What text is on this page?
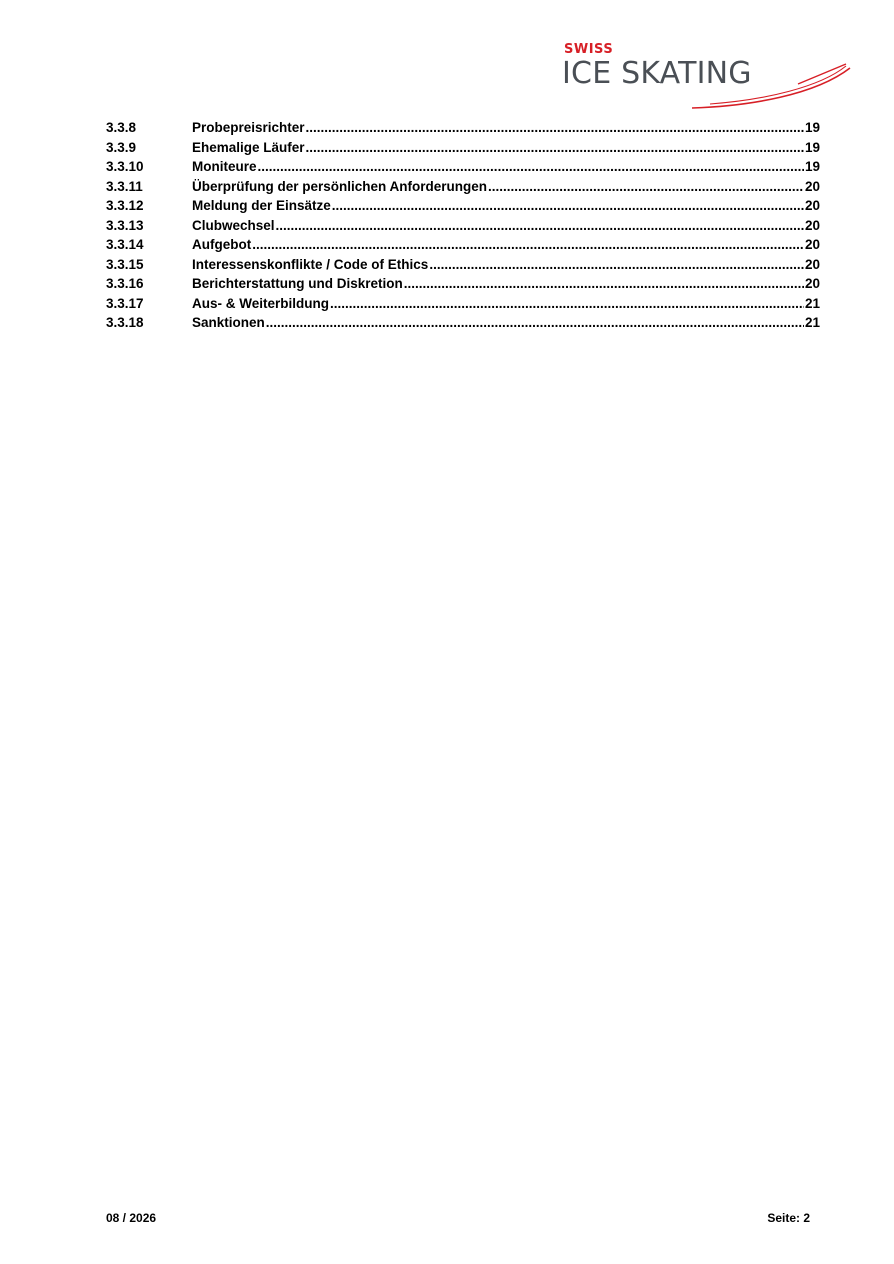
SWISS
ICE SKATING
3.3.8	Probepreisrichter .....	19
3.3.9	Ehemalige Läufer .....	19
3.3.10	Moniteure .....	19
3.3.11	Überprüfung der persönlichen Anforderungen .....	20
3.3.12	Meldung der Einsätze .....	20
3.3.13	Clubwechsel .....	20
3.3.14	Aufgebot .....	20
3.3.15	Interessenskonflikte / Code of Ethics .....	20
3.3.16	Berichterstattung und Diskretion .....	20
3.3.17	Aus- & Weiterbildung .....	21
3.3.18	Sanktionen .....	21
08 / 2026	Seite: 2
